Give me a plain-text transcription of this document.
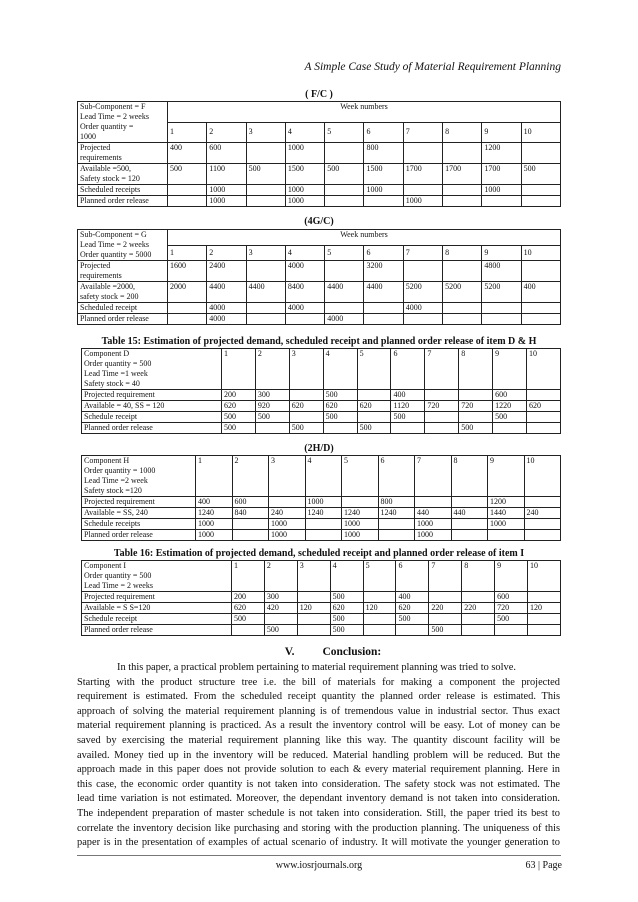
A Simple Case Study of Material Requirement Planning
( F/C )
Sub-Component = F
Lead Time = 2 weeks
Order quantity =
1000	Week numbers									
	1	2	3	4	5	6	7	8	9	10
Projected
requirements	400	600		1000		800			1200	
Available =500,
Safety stock = 120	500	1100	500	1500	500	1500	1700	1700	1700	500
Scheduled receipts		1000		1000		1000			1000	
Planned order release		1000		1000			1000			
(4G/C)
Sub-Component = G
Lead Time = 2 weeks
Order quantity = 5000	Week numbers									
	1	2	3	4	5	6	7	8	9	10
Projected
requirements	1600	2400		4000		3200			4800	
Available =2000,
safety stock = 200	2000	4400	4400	8400	4400	4400	5200	5200	5200	400
Scheduled receipt		4000		4000			4000			
Planned order release		4000			4000					
Table 15: Estimation of projected demand, scheduled receipt and planned order release of item D & H
Component D
Order quantity = 500
Lead Time =1 week
Safety stock = 40	1	2	3	4	5	6	7	8	9	10
Projected requirement	200	300		500		400			600	
Available = 40, SS = 120	620	920	620	620	620	1120	720	720	1220	620
Schedule receipt	500	500		500		500			500	
Planned order release	500		500		500			500		
(2H/D)
Component H
Order quantity = 1000
Lead Time =2 week
Safety stock =120	1	2	3	4	5	6	7	8	9	10
Projected requirement	400	600		1000		800			1200	
Available = SS, 240	1240	840	240	1240	1240	1240	440	440	1440	240
Schedule receipts	1000		1000		1000		1000		1000	
Planned order release	1000		1000		1000		1000			
Table 16: Estimation of projected demand, scheduled receipt and planned order release of item I
Component I
Order quantity = 500
Lead Time = 2 weeks	1	2	3	4	5	6	7	8	9	10
Projected requirement	200	300		500		400			600	
Available = S S=120	620	420	120	620	120	620	220	220	720	120
Schedule receipt	500			500		500			500	
Planned order release		500		500			500			
V. Conclusion:
In this paper, a practical problem pertaining to material requirement planning was tried to solve.
Starting with the product structure tree i.e. the bill of materials for making a component the projected
requirement is estimated. From the scheduled receipt quantity the planned order release is estimated. This
approach of solving the material requirement planning is of tremendous value in industrial sector. Thus exact
material requirement planning is practiced. As a result the inventory control will be easy. Lot of money can be
saved by exercising the material requirement planning like this way. The quantity discount facility will be
availed. Money tied up in the inventory will be reduced. Material handling problem will be reduced. But the
approach made in this paper does not provide solution to each & every material requirement planning. Here in
this case, the economic order quantity is not taken into consideration. The safety stock was not estimated. The
lead time variation is not estimated. Moreover, the dependant inventory demand is not taken into consideration.
The independent preparation of master schedule is not taken into consideration. Still, the paper tried its best to
correlate the inventory decision like purchasing and storing with the production planning. The uniqueness of this
paper is in the presentation of examples of actual scenario of industry. It will motivate the younger generation to
www.iosrjournals.org	63 | Page
